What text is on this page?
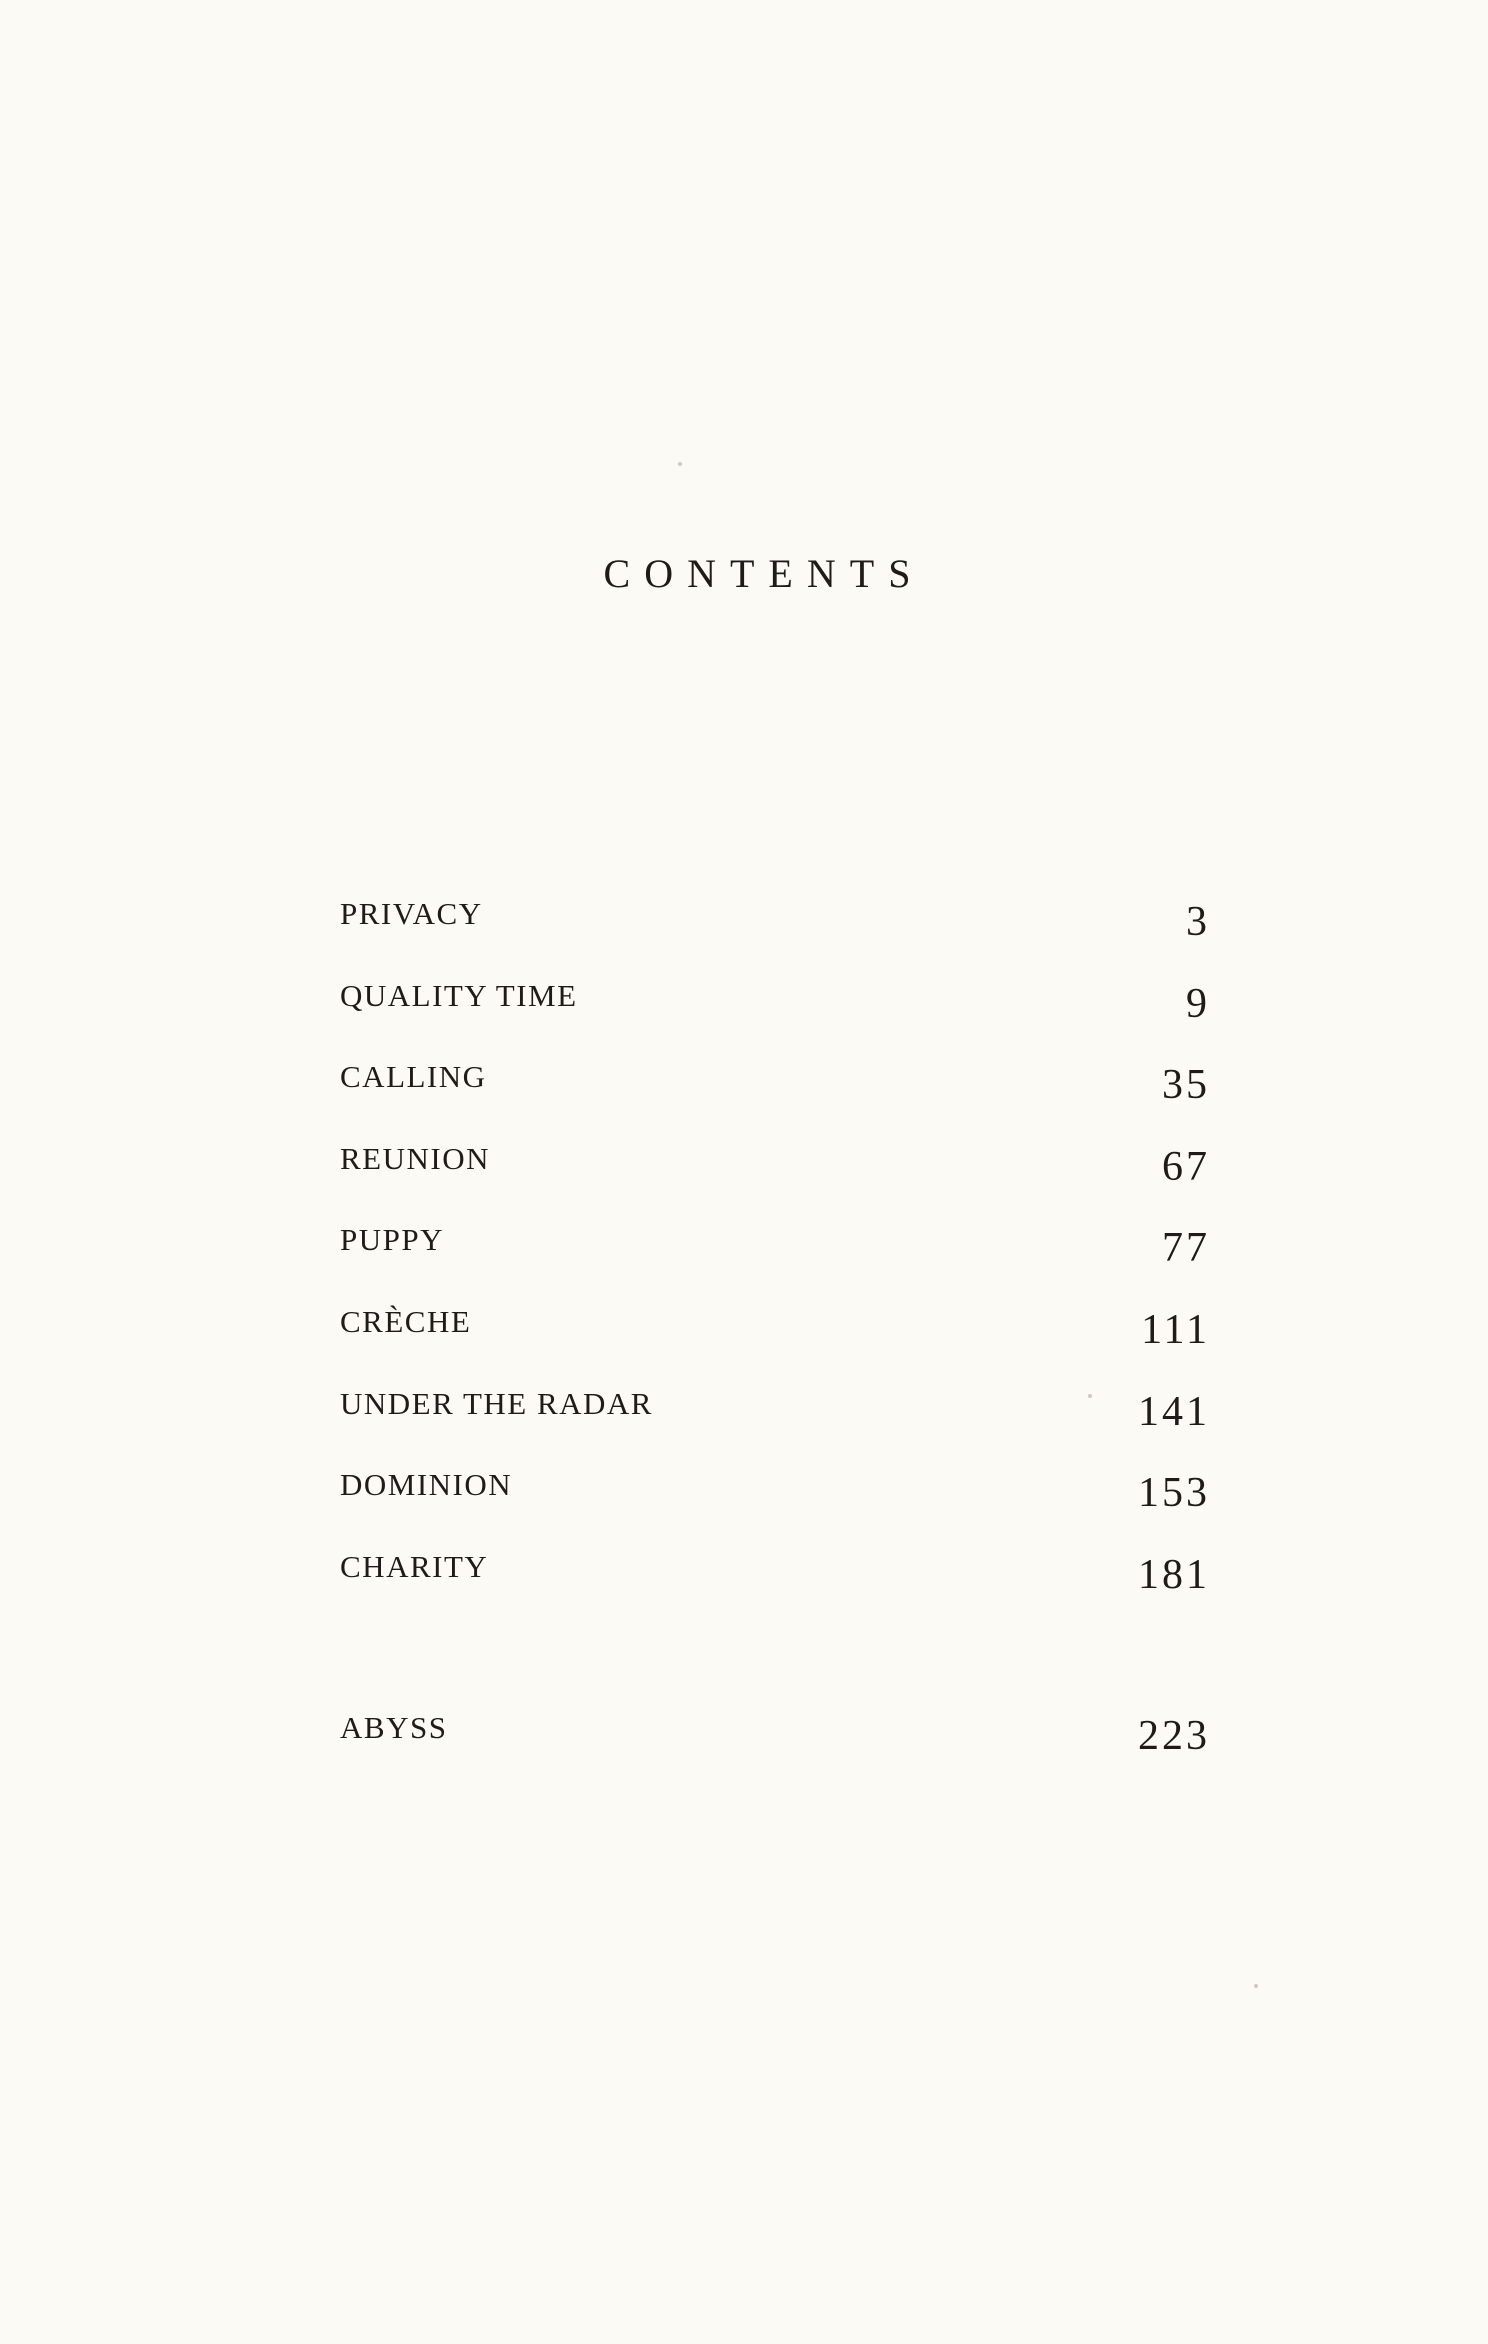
CONTENTS
PRIVACY	3
QUALITY TIME	9
CALLING	35
REUNION	67
PUPPY	77
CRÈCHE	111
UNDER THE RADAR	141
DOMINION	153
CHARITY	181
ABYSS	223
